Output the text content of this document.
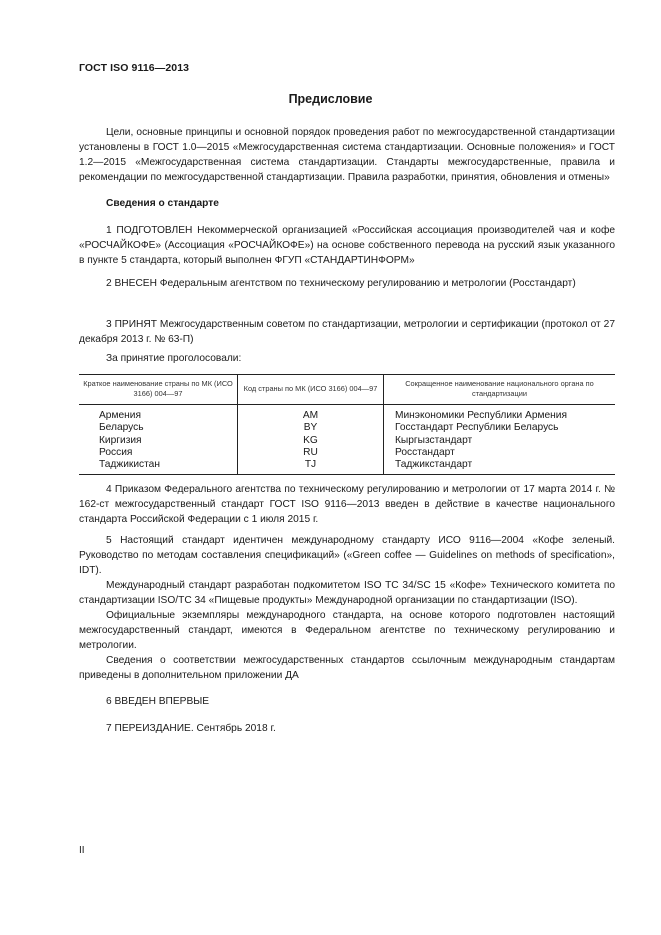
ГОСТ ISO 9116—2013
Предисловие

Цели, основные принципы и основной порядок проведения работ по межгосударственной стандартизации установлены в ГОСТ 1.0—2015 «Межгосударственная система стандартизации. Основные положения» и ГОСТ 1.2—2015 «Межгосударственная система стандартизации. Стандарты межгосударственные, правила и рекомендации по межгосударственной стандартизации. Правила разработки, принятия, обновления и отмены»

Сведения о стандарте

1 ПОДГОТОВЛЕН Некоммерческой организацией «Российская ассоциация производителей чая и кофе «РОСЧАЙКОФЕ» (Ассоциация «РОСЧАЙКОФЕ») на основе собственного перевода на русский язык указанного в пункте 5 стандарта, который выполнен ФГУП «СТАНДАРТИНФОРМ»

2 ВНЕСЕН Федеральным агентством по техническому регулированию и метрологии (Росстандарт)

3 ПРИНЯТ Межгосударственным советом по стандартизации, метрологии и сертификации (протокол от 27 декабря 2013 г. № 63-П)

За принятие проголосовали:

Краткое наименование страны по МК (ИСО 3166) 004—97	Код страны по МК (ИСО 3166) 004—97	Сокращенное наименование национального органа по стандартизации
Армения	AM	Минэкономики Республики Армения
Беларусь	BY	Госстандарт Республики Беларусь
Киргизия	KG	Кыргызстандарт
Россия	RU	Росстандарт
Таджикистан	TJ	Таджикстандарт

4 Приказом Федерального агентства по техническому регулированию и метрологии от 17 марта 2014 г. № 162-ст межгосударственный стандарт ГОСТ ISO 9116—2013 введен в действие в качестве национального стандарта Российской Федерации с 1 июля 2015 г.

5 Настоящий стандарт идентичен международному стандарту ИСО 9116—2004 «Кофе зеленый. Руководство по методам составления спецификаций» («Green coffee — Guidelines on methods of specification», IDT).

Международный стандарт разработан подкомитетом ISO TC 34/SC 15 «Кофе» Технического комитета по стандартизации ISO/TC 34 «Пищевые продукты» Международной организации по стандартизации (ISO).

Официальные экземпляры международного стандарта, на основе которого подготовлен настоящий межгосударственный стандарт, имеются в Федеральном агентстве по техническому регулированию и метрологии.

Сведения о соответствии межгосударственных стандартов ссылочным международным стандартам приведены в дополнительном приложении ДА

6 ВВЕДЕН ВПЕРВЫЕ

7 ПЕРЕИЗДАНИЕ. Сентябрь 2018 г.

II
